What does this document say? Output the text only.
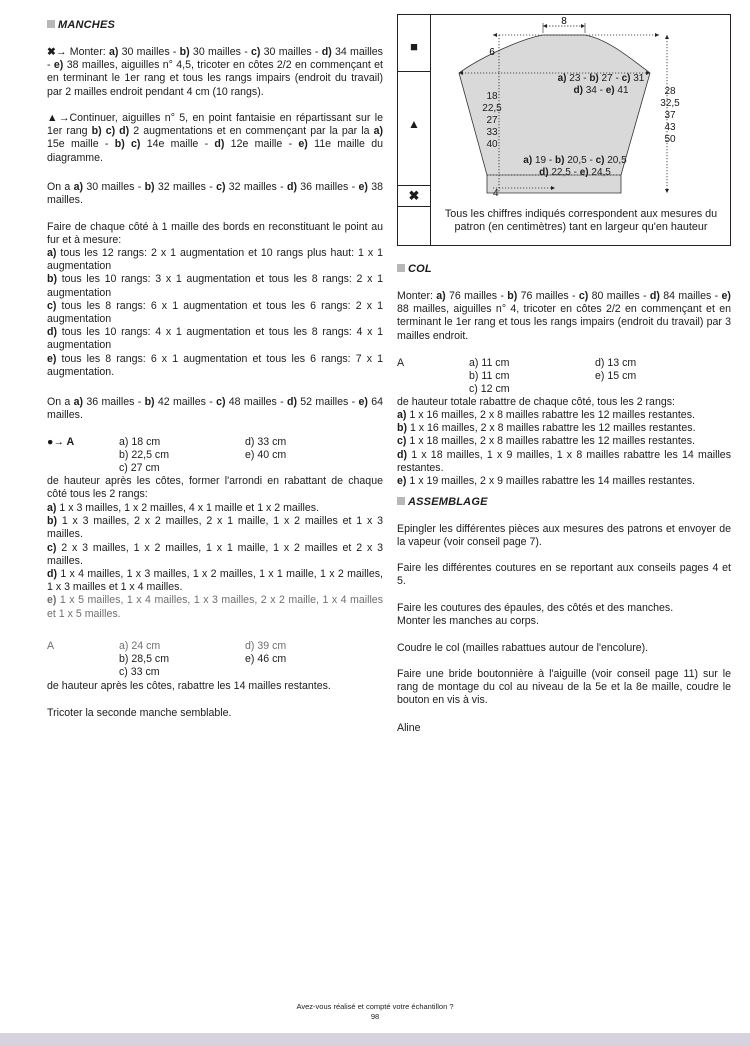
MANCHES
✖→ Monter: a) 30 mailles - b) 30 mailles - c) 30 mailles - d) 34 mailles - e) 38 mailles, aiguilles n° 4,5, tricoter en côtes 2/2 en commençant et en terminant le 1er rang et tous les rangs impairs (endroit du travail) par 2 mailles endroit pendant 4 cm (10 rangs).
▲→Continuer, aiguilles n° 5, en point fantaisie en répartissant sur le 1er rang b) c) d) 2 augmentations et en commençant par la par la a) 15e maille - b) c) 14e maille - d) 12e maille - e) 11e maille du diagramme.
On a a) 30 mailles - b) 32 mailles - c) 32 mailles - d) 36 mailles - e) 38 mailles.
Faire de chaque côté à 1 maille des bords en reconstituant le point au fur et à mesure:
a) tous les 12 rangs: 2 x 1 augmentation et 10 rangs plus haut: 1 x 1 augmentation
b) tous les 10 rangs: 3 x 1 augmentation et tous les 8 rangs: 2 x 1 augmentation
c) tous les 8 rangs: 6 x 1 augmentation et tous les 6 rangs: 2 x 1 augmentation
d) tous les 10 rangs: 4 x 1 augmentation et tous les 8 rangs: 4 x 1 augmentation
e) tous les 8 rangs: 6 x 1 augmentation et tous les 6 rangs: 7 x 1 augmentation.
On a a) 36 mailles - b) 42 mailles - c) 48 mailles - d) 52 mailles - e) 64 mailles.
●→ A	a) 18 cm	d) 33 cm
b) 22,5 cm	e) 40 cm
c) 27 cm
de hauteur après les côtes, former l'arrondi en rabattant de chaque côté tous les 2 rangs:
a) 1 x 3 mailles, 1 x 2 mailles, 4 x 1 maille et 1 x 2 mailles.
b) 1 x 3 mailles, 2 x 2 mailles, 2 x 1 maille, 1 x 2 mailles et 1 x 3 mailles.
c) 2 x 3 mailles, 1 x 2 mailles, 1 x 1 maille, 1 x 2 mailles et 2 x 3 mailles.
d) 1 x 4 mailles, 1 x 3 mailles, 1 x 2 mailles, 1 x 1 maille, 1 x 2 mailles, 1 x 3 mailles et 1 x 4 mailles.
e) 1 x 5 mailles, 1 x 4 mailles, 1 x 3 mailles, 2 x 2 maille, 1 x 4 mailles et 1 x 5 mailles.
A	a) 24 cm	d) 39 cm
b) 28,5 cm	e) 46 cm
c) 33 cm
de hauteur après les côtes, rabattre les 14 mailles restantes.
Tricoter la seconde manche semblable.
■
▲
✖
8
6
a) 23 - b) 27 - c) 31
d) 34 - e) 41
18
22,5
27
33
40
28
32,5
37
43
50
a) 19 - b) 20,5 - c) 20,5
d) 22,5 - e) 24,5
4
Tous les chiffres indiqués correspondent aux mesures du patron (en centimètres) tant en largeur qu'en hauteur
COL
Monter: a) 76 mailles - b) 76 mailles - c) 80 mailles - d) 84 mailles - e) 88 mailles, aiguilles n° 4, tricoter en côtes 2/2 en commençant et en terminant le 1er rang et tous les rangs impairs (endroit du travail) par 3 mailles endroit.
A	a) 11 cm	d) 13 cm
b) 11 cm	e) 15 cm
c) 12 cm
de hauteur totale rabattre de chaque côté, tous les 2 rangs:
a) 1 x 16 mailles, 2 x 8 mailles rabattre les 12 mailles restantes.
b) 1 x 16 mailles, 2 x 8 mailles rabattre les 12 mailles restantes.
c) 1 x 18 mailles, 2 x 8 mailles rabattre les 12 mailles restantes.
d) 1 x 18 mailles, 1 x 9 mailles, 1 x 8 mailles rabattre les 14 mailles restantes.
e) 1 x 19 mailles, 2 x 9 mailles rabattre les 14 mailles restantes.
ASSEMBLAGE
Epingler les différentes pièces aux mesures des patrons et envoyer de la vapeur (voir conseil page 7).
Faire les différentes coutures en se reportant aux conseils pages 4 et 5.
Faire les coutures des épaules, des côtés et des manches.
Monter les manches au corps.
Coudre le col (mailles rabattues autour de l'encolure).
Faire une bride boutonnière à l'aiguille (voir conseil page 11) sur le rang de montage du col au niveau de la 5e et la 8e maille, coudre le bouton en vis à vis.
Aline
Avez-vous réalisé et compté votre échantillon ?
98
